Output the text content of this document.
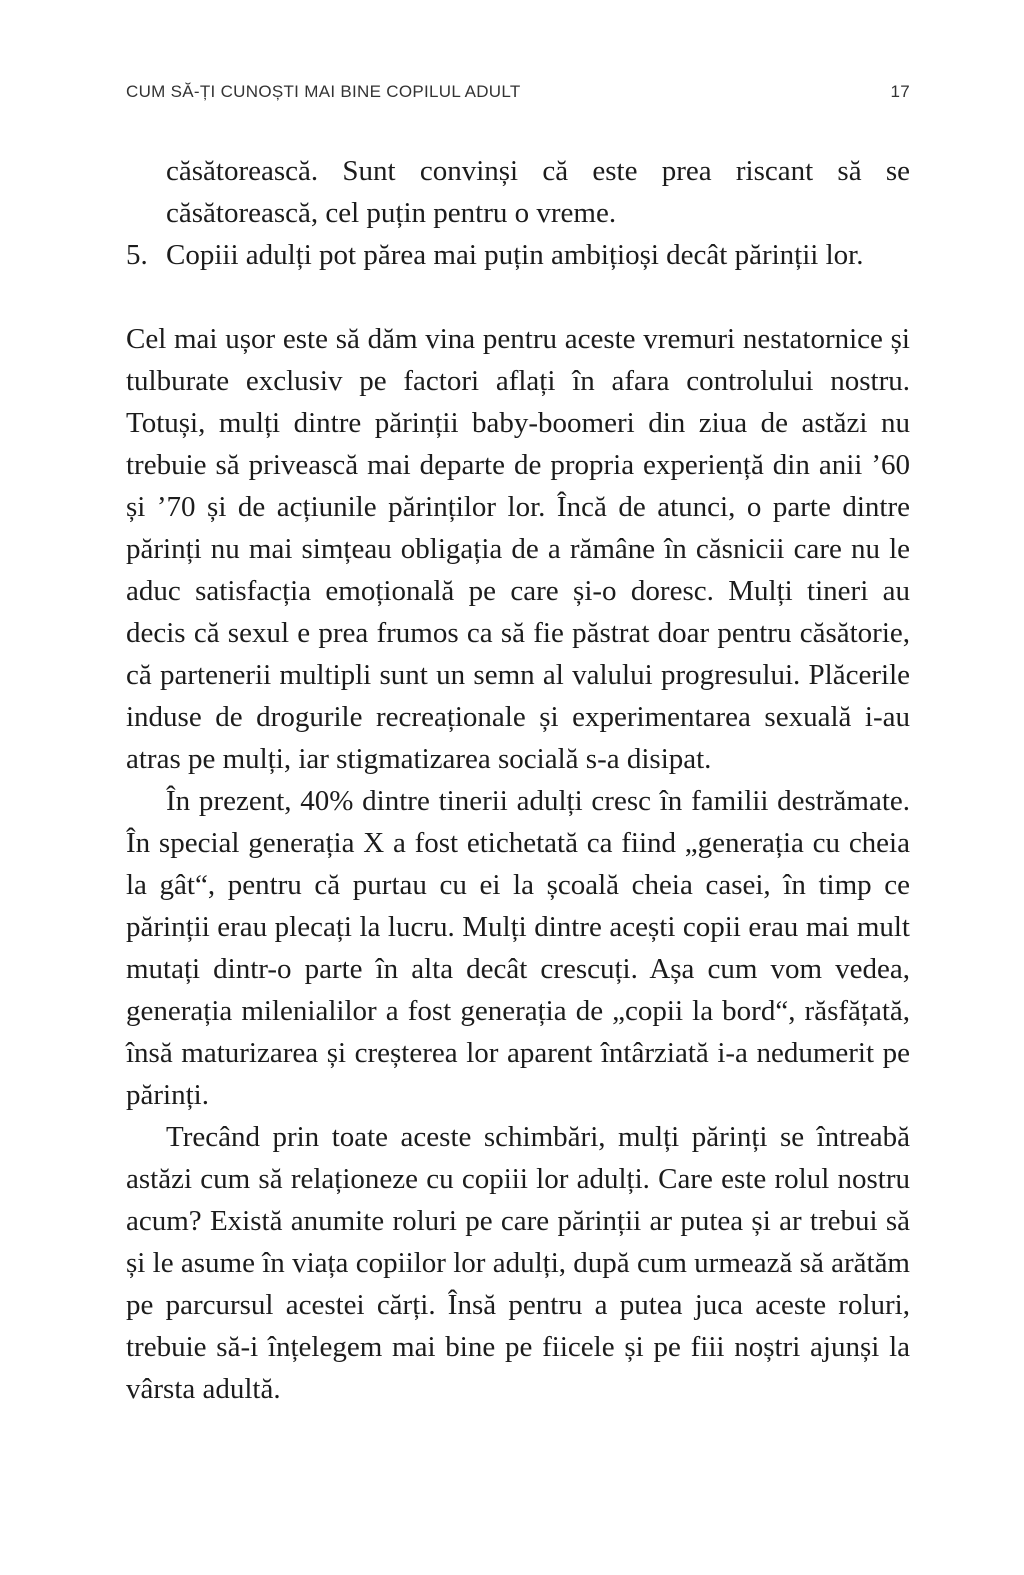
CUM SĂ-ȚI CUNOȘTI MAI BINE COPILUL ADULT	17

căsătorească. Sunt convinși că este prea riscant să se căsătorească, cel puțin pentru o vreme.

5. Copiii adulți pot părea mai puțin ambițioși decât părinții lor.

Cel mai ușor este să dăm vina pentru aceste vremuri nestatornice și tulburate exclusiv pe factori aflați în afara controlului nostru. Totuși, mulți dintre părinții baby-boomeri din ziua de astăzi nu trebuie să privească mai departe de propria experiență din anii ’60 și ’70 și de acțiunile părinților lor. Încă de atunci, o parte dintre părinți nu mai simțeau obligația de a rămâne în căsnicii care nu le aduc satisfacția emoțională pe care și-o doresc. Mulți tineri au decis că sexul e prea frumos ca să fie păstrat doar pentru căsătorie, că partenerii multipli sunt un semn al valului progresului. Plăcerile induse de drogurile recreaționale și experimentarea sexuală i-au atras pe mulți, iar stigmatizarea socială s-a disipat.

În prezent, 40% dintre tinerii adulți cresc în familii destrămate. În special generația X a fost etichetată ca fiind „generația cu cheia la gât“, pentru că purtau cu ei la școală cheia casei, în timp ce părinții erau plecați la lucru. Mulți dintre acești copii erau mai mult mutați dintr-o parte în alta decât crescuți. Așa cum vom vedea, generația milenialilor a fost generația de „copii la bord“, răsfățată, însă maturizarea și creșterea lor aparent întârziată i-a nedumerit pe părinți.

Trecând prin toate aceste schimbări, mulți părinți se întreabă astăzi cum să relaționeze cu copiii lor adulți. Care este rolul nostru acum? Există anumite roluri pe care părinții ar putea și ar trebui să și le asume în viața copiilor lor adulți, după cum urmează să arătăm pe parcursul acestei cărți. Însă pentru a putea juca aceste roluri, trebuie să-i înțelegem mai bine pe fiicele și pe fiii noștri ajunși la vârsta adultă.
